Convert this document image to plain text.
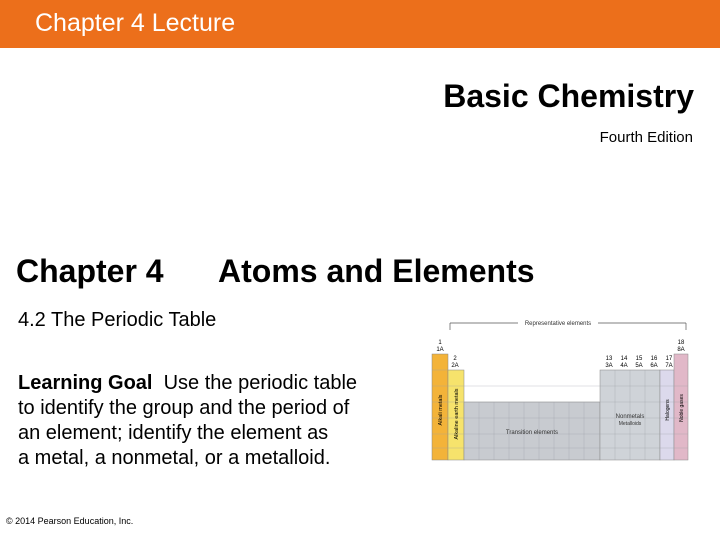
Chapter 4 Lecture
Basic Chemistry
Fourth Edition
Chapter 4 Atoms and Elements
4.2 The Periodic Table
Learning Goal Use the periodic table
to identify the group and the period of
an element; identify the element as
a metal, a nonmetal, or a metalloid.
© 2014 Pearson Education, Inc.
Representative elements
1
1A
2
2A
13
3A
14
4A
15
5A
16
6A
17
7A
18
8A
Alkali metals Alkaline earth metals	Halogens Noble gases
Transition elements
Nonmetals
Metalloids
